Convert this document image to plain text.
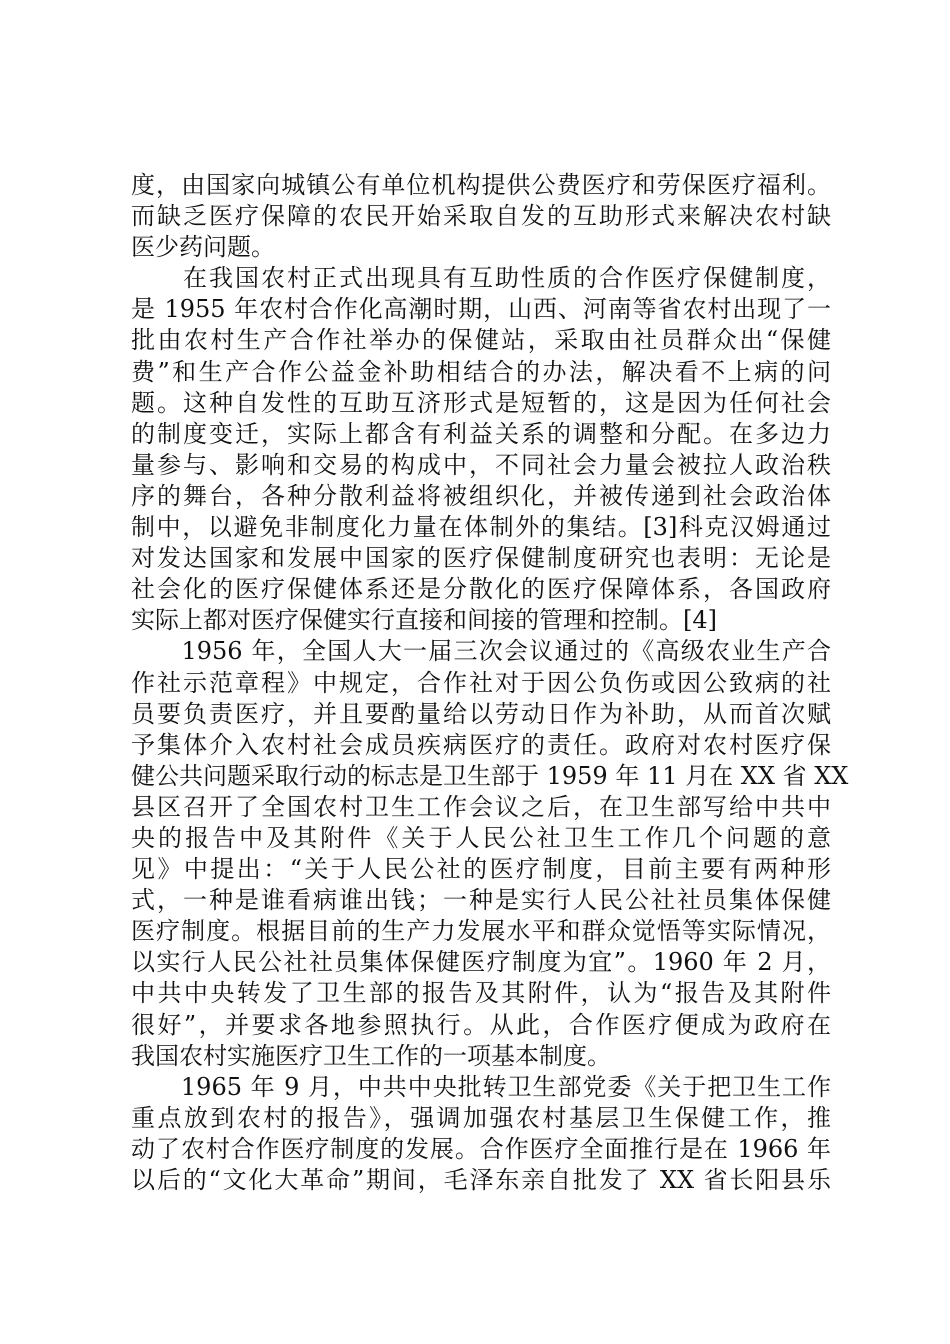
度，由国家向城镇公有单位机构提供公费医疗和劳保医疗福利。
而缺乏医疗保障的农民开始采取自发的互助形式来解决农村缺
医少药问题。
　　在我国农村正式出现具有互助性质的合作医疗保健制度，
是 1955 年农村合作化高潮时期，山西、河南等省农村出现了一
批由农村生产合作社举办的保健站，采取由社员群众出“保健
费”和生产合作公益金补助相结合的办法，解决看不上病的问
题。这种自发性的互助互济形式是短暂的，这是因为任何社会
的制度变迁，实际上都含有利益关系的调整和分配。在多边力
量参与、影响和交易的构成中，不同社会力量会被拉人政治秩
序的舞台，各种分散利益将被组织化，并被传递到社会政治体
制中，以避免非制度化力量在体制外的集结。[3]科克汉姆通过
对发达国家和发展中国家的医疗保健制度研究也表明：无论是
社会化的医疗保健体系还是分散化的医疗保障体系，各国政府
实际上都对医疗保健实行直接和间接的管理和控制。[4]
　　1956 年，全国人大一届三次会议通过的《高级农业生产合
作社示范章程》中规定，合作社对于因公负伤或因公致病的社
员要负责医疗，并且要酌量给以劳动日作为补助，从而首次赋
予集体介入农村社会成员疾病医疗的责任。政府对农村医疗保
健公共问题采取行动的标志是卫生部于 1959 年 11 月在 XX 省 XX
县区召开了全国农村卫生工作会议之后，在卫生部写给中共中
央的报告中及其附件《关于人民公社卫生工作几个问题的意
见》中提出：“关于人民公社的医疗制度，目前主要有两种形
式，一种是谁看病谁出钱；一种是实行人民公社社员集体保健
医疗制度。根据目前的生产力发展水平和群众觉悟等实际情况，
以实行人民公社社员集体保健医疗制度为宜”。1960 年 2 月，
中共中央转发了卫生部的报告及其附件，认为“报告及其附件
很好”，并要求各地参照执行。从此，合作医疗便成为政府在
我国农村实施医疗卫生工作的一项基本制度。
　　1965 年 9 月，中共中央批转卫生部党委《关于把卫生工作
重点放到农村的报告》，强调加强农村基层卫生保健工作，推
动了农村合作医疗制度的发展。合作医疗全面推行是在 1966 年
以后的“文化大革命”期间，毛泽东亲自批发了 XX 省长阳县乐
